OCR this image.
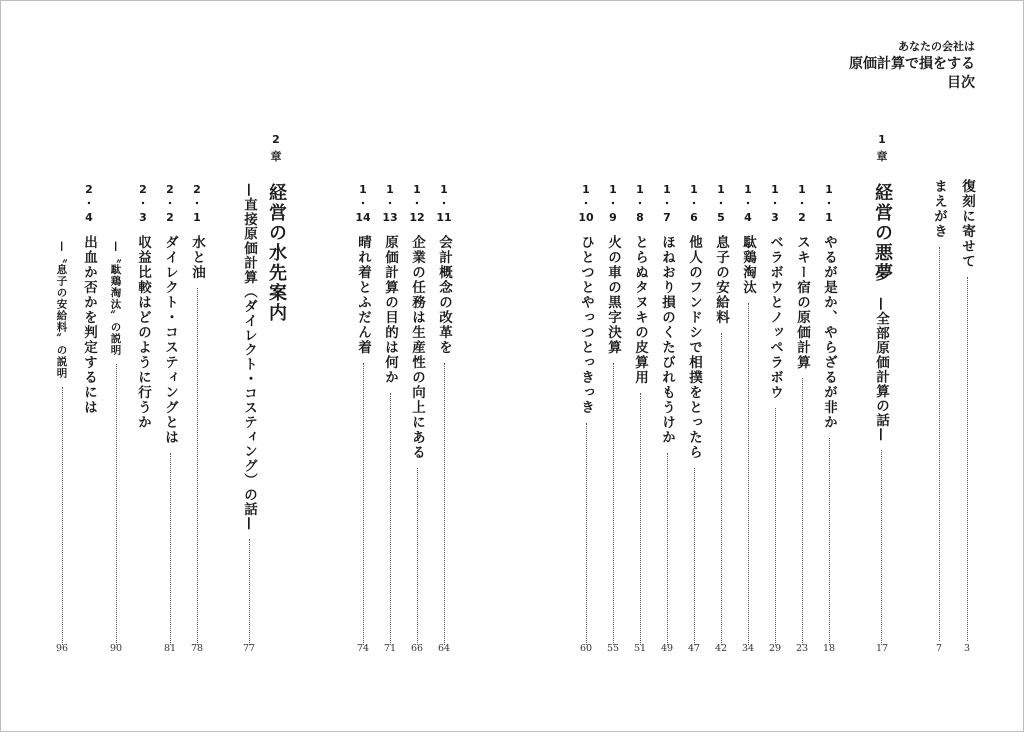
あなたの会社は
原価計算で損をする
目次
復刻に寄せて
3
まえがき
7
1
章
経営の悪夢
—全部原価計算の話—
17
1
・
1
やるが是か、やらざるが非か
18
1
・
2
スキー宿の原価計算
23
1
・
3
ベラボウとノッペラボウ
29
1
・
4
駄鶏淘汰
34
1
・
5
息子の安給料
42
1
・
6
他人のフンドシで相撲をとったら
47
1
・
7
ほねおり損のくたびれもうけか
49
1
・
8
とらぬタヌキの皮算用
51
1
・
9
火の車の黒字決算
55
1
・
10
ひとつとやっつとっきっき
60
1
・
11
会計概念の改革を
64
1
・
12
企業の任務は生産性の向上にある
66
1
・
13
原価計算の目的は何か
71
1
・
14
晴れ着とふだん着
74
2
章
経営の水先案内
—直接原価計算（ダイレクト・コスティング）の話—
77
2
・
1
水と油
78
2
・
2
ダイレクト・コスティングとは
81
2
・
3
収益比較はどのように行うか
—〝駄鶏淘汰〟の説明
90
2
・
4
出血か否かを判定するには
—〝息子の安給料〟の説明
96
